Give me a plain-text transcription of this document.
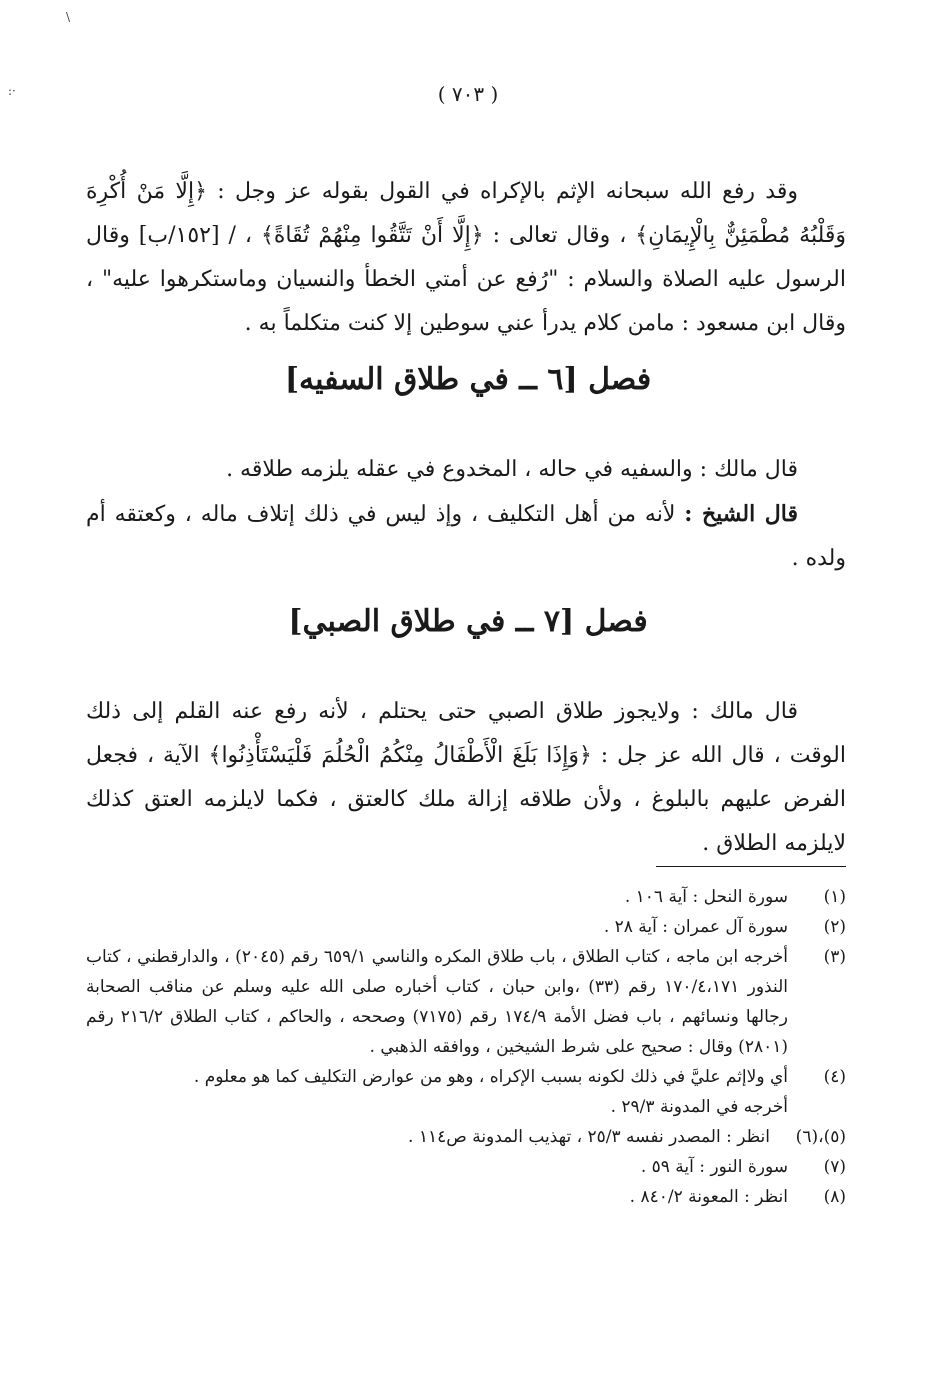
\
·:	( ٧٠٣ )

وقد رفع الله سبحانه الإثم بالإكراه في القول بقوله عز وجل : ﴿إِلَّا مَنْ أُكْرِهَ وَقَلْبُهُ مُطْمَئِنٌّ بِالْإِيمَانِ﴾ ، وقال تعالى : ﴿إِلَّا أَنْ تَتَّقُوا مِنْهُمْ تُقَاةً﴾ ، / [١٥٢/ب] وقال الرسول عليه الصلاة والسلام : "رُفع عن أمتي الخطأ والنسيان وماستكرهوا عليه" ، وقال ابن مسعود : مامن كلام يدرأ عني سوطين إلا كنت متكلماً به .

فصل [٦ ــ في طلاق السفيه]

قال مالك : والسفيه في حاله ، المخدوع في عقله يلزمه طلاقه .

قال الشيخ : لأنه من أهل التكليف ، وإذ ليس في ذلك إتلاف ماله ، وكعتقه أم ولده .

فصل [٧ ــ في طلاق الصبي]

قال مالك : ولايجوز طلاق الصبي حتى يحتلم ، لأنه رفع عنه القلم إلى ذلك الوقت ، قال الله عز جل : ﴿وَإِذَا بَلَغَ الْأَطْفَالُ مِنْكُمُ الْحُلُمَ فَلْيَسْتَأْذِنُوا﴾ الآية ، فجعل الفرض عليهم بالبلوغ ، ولأن طلاقه إزالة ملك كالعتق ، فكما لايلزمه العتق كذلك لايلزمه الطلاق .

(١)
سورة النحل : آية ١٠٦ .
(٢)
سورة آل عمران : آية ٢٨ .
(٣)
أخرجه ابن ماجه ، كتاب الطلاق ، باب طلاق المكره والناسي ٦٥٩/١ رقم (٢٠٤٥) ، والدارقطني ، كتاب النذور ١٧٠/٤،١٧١ رقم (٣٣) ،وابن حبان ، كتاب أخباره صلى الله عليه وسلم عن مناقب الصحابة رجالها ونسائهم ، باب فضل الأمة ١٧٤/٩ رقم (٧١٧٥) وصححه ، والحاكم ، كتاب الطلاق ٢١٦/٢ رقم (٢٨٠١) وقال : صحيح على شرط الشيخين ، ووافقه الذهبي .
(٤)
أي ولاإثم عليَّ في ذلك لكونه بسبب الإكراه ، وهو من عوارض التكليف كما هو معلوم .
أخرجه في المدونة ٢٩/٣ .
(٥)،(٦)
انظر : المصدر نفسه ٢٥/٣ ، تهذيب المدونة ص١١٤ .
(٧)
سورة النور : آية ٥٩ .
(٨)
انظر : المعونة ٨٤٠/٢ .
